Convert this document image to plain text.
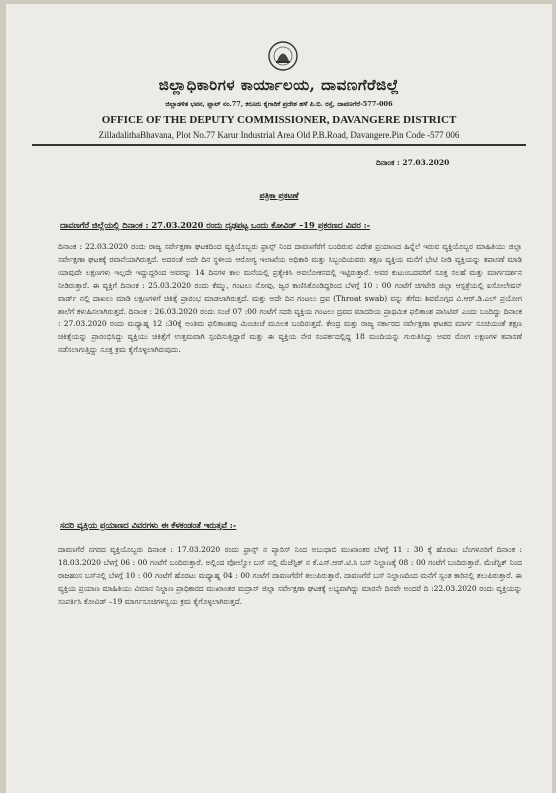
ಜಿಲ್ಲಾಧಿಕಾರಿಗಳ ಕಾರ್ಯಾಲಯ, ದಾವಣಗೆರೆಜಿಲ್ಲೆ
ಜಿಲ್ಲಾಡಳಿತ ಭವನ, ಪ್ಲಾಟ್ ನಂ.77, ಕರೂರು ಕೈಗಾರಿಕೆ ಪ್ರದೇಶ ಹಳೆ ಪಿ.ಬಿ. ರಸ್ತೆ, ದಾವಣಗೆರೆ-577-006
OFFICE OF THE DEPUTY COMMISSIONER, DAVANGERE DISTRICT
ZilladalithaBhavana, Plot No.77 Karur Industrial Area Old P.B.Road, Davangere.Pin Code -577 006
ದಿನಾಂಕ : 27.03.2020
ಪತ್ರಿಕಾ ಪ್ರಕಟಣೆ
ದಾವಣಗೆರೆ ಜಿಲ್ಲೆಯಲ್ಲಿ ದಿನಾಂಕ : 27.03.2020 ರಂದು ದೃಢಪಟ್ಟ ಒಂದು ಕೋವಿಡ್ –19 ಪ್ರಕರಣದ ವಿವರ :-
ದಿನಾಂಕ : 22.03.2020 ರಂದು ರಾಜ್ಯ ಸರ್ವೇಕ್ಷಣಾ ಘಟಕದಿಂದ ವ್ಯಕ್ತಿಯೊಬ್ಬರು ಫ್ರಾನ್ಸ್ ನಿಂದ ದಾವಣಗೆರೆಗೆ ಬಂದಿರುವ ವಿದೇಶ ಪ್ರಯಾಣದ ಹಿನ್ನೆಲೆ ಇರುವ ವ್ಯಕ್ತಿಯೊಬ್ಬರ ಮಾಹಿತಿಯು ಜಿಲ್ಲಾ ಸರ್ವೇಕ್ಷಣಾ ಘಟಕಕ್ಕೆ ರವಾನೆಯಾಗಿರುತ್ತದೆ. ಅದರಂತೆ ಅದೇ ದಿನ ಸ್ಥಳೀಯ ಆರೋಗ್ಯ ಇಲಾಖೆಯ ಅಧಿಕಾರಿ ಮತ್ತು ಸಿಬ್ಬಂದಿಯವರು ತಕ್ಷಣ ವ್ಯಕ್ತಿಯ ಮನೆಗೆ ಭೇಟಿ ನೀಡಿ ವ್ಯಕ್ತಿಯನ್ನು ತಪಾಸಣೆ ಮಾಡಿ ಯಾವುದೇ ಲಕ್ಷಣಗಳು ಇಲ್ಲದೇ ಇದ್ದುದ್ದರಿಂದ ಅವರನ್ನು 14 ದಿನಗಳ ಕಾಲ ಮನೆಯಲ್ಲಿ ಪ್ರತ್ಯೇಕಿಸಿ ಅವಲೋಕನದಲ್ಲಿ ಇಟ್ಟಿರುತ್ತಾರೆ. ಅವರ ಕುಟುಂಬದವರಿಗೆ ಸೂಕ್ತ ಸಲಹೆ ಮತ್ತು ಮಾರ್ಗದರ್ಶನ ನೀಡಿರುತ್ತಾರೆ. ಈ ವ್ಯಕ್ತಿಗೆ ದಿನಾಂಕ : 25.03.2020 ರಂದು ಕೆಮ್ಮು, ಗಂಟಲು ನೋವು, ಜ್ವರ ಕಾಣಿಸಿಕೊಂಡಿದ್ದರಿಂದ ಬೆಳಗ್ಗೆ 10 : 00 ಗಂಟೆಗೆ ಚಿಗಟೇರಿ ಜಿಲ್ಲಾ ಆಸ್ಪತ್ರೆಯಲ್ಲಿ ಐಸೋಲೇಷನ್ ವಾರ್ಡ್ ನಲ್ಲಿ ದಾಖಲು ಮಾಡಿ ಲಕ್ಷಣಗಳಿಗೆ ಚಿಕಿತ್ಸೆ ಪ್ರಾರಂಭ ಮಾಡಲಾಗಿರುತ್ತದೆ. ಮತ್ತು ಅದೇ ದಿನ ಗಂಟಲು ದ್ರವ (Throat swab) ವನ್ನು ತೆಗೆದು ಶಿವಮೊಗ್ಗದ ವಿ.ಆರ್.ಡಿ.ಎಲ್ ಪ್ರಯೋಗ ಶಾಲೆಗೆ ಕಳುಹಿಸಲಾಗಿರುತ್ತದೆ. ದಿನಾಂಕ : 26.03.2020 ರಂದು ಸಂಜೆ 07 :00 ಗಂಟೆಗೆ ಸದರಿ ವ್ಯಕ್ತಿಯ ಗಂಟಲು ದ್ರವದ ಮಾದರಿಯ ಪ್ರಾಥಮಿಕ ಫಲಿತಾಂಶ ಪಾಸಿಟಿವ್ ಎಂದು ಬಂದಿದ್ದು ದಿನಾಂಕ : 27.03.2020 ರಂದು ಮಧ್ಯಾಹ್ನ 12 :30ಕ್ಕೆ ಅಂತಿಮ ಫಲಿತಾಂಶವು ಮಿಂಚಂಚೆ ಮೂಲಕ ಬಂದಿರುತ್ತದೆ. ಕೇಂದ್ರ ಮತ್ತು ರಾಜ್ಯ ಸರ್ಕಾರದ ಸರ್ವೇಕ್ಷಣಾ ಘಟಕದ ಮಾರ್ಗ ಸೂಚಿಯಂತೆ ತಕ್ಷಣ ಚಿಕಿತ್ಸೆಯನ್ನು ಪ್ರಾರಂಭಿಸಿದ್ದು ವ್ಯಕ್ತಿಯು ಚಿಕಿತ್ಸೆಗೆ ಉತ್ತಮವಾಗಿ ಸ್ಪಂದಿಸುತ್ತಿದ್ದಾರೆ ಮತ್ತು ಈ ವ್ಯಕ್ತಿಯ ನೇರ ಸಂಪರ್ಕದಲ್ಲಿದ್ದ 18 ಮಂದಿಯನ್ನು ಗುರುತಿಸಿದ್ದು ಅವರ ರೋಗ ಲಕ್ಷಣಗಳ ತಪಾಸಣೆ ನಡೆಸಲಾಗುತ್ತಿದ್ದು ಸೂಕ್ತ ಕ್ರಮ ಕೈಗೊಳ್ಳಲಾಗಿರುವುದು.
ಸದರಿ ವ್ಯಕ್ತಿಯ ಪ್ರಯಾಣದ ವಿವರಗಳು ಈ ಕೆಳಕಂಡಂತೆ ಇರುತ್ತವೆ :-
ದಾವಣಗೆರೆ ನಗರದ ವ್ಯಕ್ತಿಯೊಬ್ಬರು ದಿನಾಂಕ : 17.03.2020 ರಂದು ಫ್ರಾನ್ಸ್ ನ ಪ್ಯಾರಿಸ್ ನಿಂದ ಅಬುಧಾಬಿ ಮುಖಾಂತರ ಬೆಳಗ್ಗೆ 11 : 30 ಕ್ಕೆ ಹೊರಟು ಬೆಂಗಳೂರಿಗೆ ದಿನಾಂಕ : 18.03.2020 ಬೆಳಗ್ಗೆ 06 : 00 ಗಂಟೆಗೆ ಬಂದಿರುತ್ತಾರೆ. ಅಲ್ಲಿಂದ ವೋಲ್ವೋ ಬಸ್ ನಲ್ಲಿ ಮೆಜೆಸ್ಟಿಕ್ ನ ಕೆ.ಎಸ್.ಆರ್.ಟಿ.ಸಿ ಬಸ್ ನಿಲ್ದಾಣಕ್ಕೆ 08 : 00 ಗಂಟೆಗೆ ಬಂದಿರುತ್ತಾರೆ. ಮೆಜೆಸ್ಟಿಕ್ ನಿಂದ ರಾಜಹಂಸ ಬಸ್‌ನಲ್ಲಿ ಬೆಳಗ್ಗೆ 10 : 00 ಗಂಟೆಗೆ ಹೊರಟು ಮಧ್ಯಾಹ್ನ 04 : 00 ಗಂಟೆಗೆ ದಾವಣಗೆರೆಗೆ ತಲುಪಿರುತ್ತಾರೆ. ದಾವಣಗೆರೆ ಬಸ್ ನಿಲ್ದಾಣದಿಂದ ಮನೆಗೆ ಸ್ವಂತ ಕಾರಿನಲ್ಲಿ ತಲುಪಿರುತ್ತಾರೆ. ಈ ವ್ಯಕ್ತಿಯ ಪ್ರಯಾಣ ಮಾಹಿತಿಯು ವಿಮಾನ ನಿಲ್ದಾಣ ಪ್ರಾಧಿಕಾರದ ಮುಖಾಂತರ ಮದ್ರಾಸ್ ಜಿಲ್ಲಾ ಸರ್ವೇಕ್ಷಣಾ ಘಟಕಕ್ಕೆ ಲಭ್ಯವಾಗಿದ್ದು ಮಾರನೇ ದಿನವೇ ಅಂದರೆ ದಿ :22.03.2020 ರಂದು ವ್ಯಕ್ತಿಯನ್ನು ಸಂಪರ್ಕಿಸಿ ಕೋವಿಡ್ –19 ಮಾರ್ಗಸೂಚಿಗಳನ್ವಯ ಕ್ರಮ ಕೈಗೊಳ್ಳಲಾಗಿರುತ್ತದೆ.
